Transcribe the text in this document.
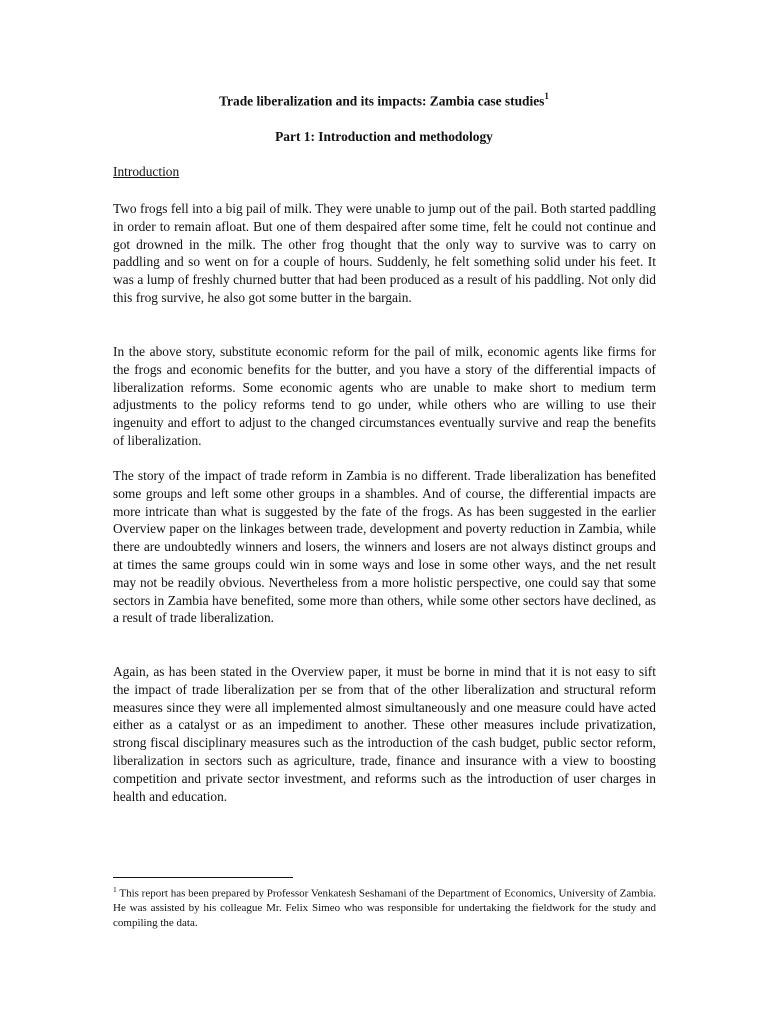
Trade liberalization and its impacts: Zambia case studies$^1$
Part 1: Introduction and methodology
Introduction

Two frogs fell into a big pail of milk. They were unable to jump out of the pail. Both started paddling in order to remain afloat. But one of them despaired after some time, felt he could not continue and got drowned in the milk. The other frog thought that the only way to survive was to carry on paddling and so went on for a couple of hours. Suddenly, he felt something solid under his feet. It was a lump of freshly churned butter that had been produced as a result of his paddling. Not only did this frog survive, he also got some butter in the bargain.

In the above story, substitute economic reform for the pail of milk, economic agents like firms for the frogs and economic benefits for the butter, and you have a story of the differential impacts of liberalization reforms. Some economic agents who are unable to make short to medium term adjustments to the policy reforms tend to go under, while others who are willing to use their ingenuity and effort to adjust to the changed circumstances eventually survive and reap the benefits of liberalization.

The story of the impact of trade reform in Zambia is no different. Trade liberalization has benefited some groups and left some other groups in a shambles. And of course, the differential impacts are more intricate than what is suggested by the fate of the frogs. As has been suggested in the earlier Overview paper on the linkages between trade, development and poverty reduction in Zambia, while there are undoubtedly winners and losers, the winners and losers are not always distinct groups and at times the same groups could win in some ways and lose in some other ways, and the net result may not be readily obvious. Nevertheless from a more holistic perspective, one could say that some sectors in Zambia have benefited, some more than others, while some other sectors have declined, as a result of trade liberalization.

Again, as has been stated in the Overview paper, it must be borne in mind that it is not easy to sift the impact of trade liberalization per se from that of the other liberalization and structural reform measures since they were all implemented almost simultaneously and one measure could have acted either as a catalyst or as an impediment to another. These other measures include privatization, strong fiscal disciplinary measures such as the introduction of the cash budget, public sector reform, liberalization in sectors such as agriculture, trade, finance and insurance with a view to boosting competition and private sector investment, and reforms such as the introduction of user charges in health and education.

$^1$ This report has been prepared by Professor Venkatesh Seshamani of the Department of Economics, University of Zambia. He was assisted by his colleague Mr. Felix Simeo who was responsible for undertaking the fieldwork for the study and compiling the data.
